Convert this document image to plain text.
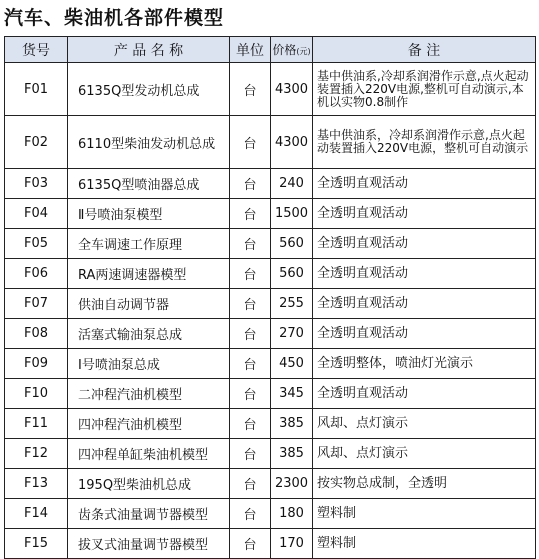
汽车、柴油机各部件模型
货号	产 品 名 称	单位	价格(元)	备 注
F01	6135Q型发动机总成	台	4300	基中供油系,冷却系润滑作示意,点火起动装置插入220V电源,整机可自动演示,本机以实物0.8制作
F02	6110型柴油发动机总成	台	4300	基中供油系，冷却系润滑作示意,点火起动装置插入220V电源，整机可自动演示
F03	6135Q型喷油器总成	台	240	全透明直观活动
F04	Ⅱ号喷油泵模型	台	1500	全透明直观活动
F05	全车调速工作原理	台	560	全透明直观活动
F06	RA两速调速器模型	台	560	全透明直观活动
F07	供油自动调节器	台	255	全透明直观活动
F08	活塞式输油泵总成	台	270	全透明直观活动
F09	Ⅰ号喷油泵总成	台	450	全透明整体，喷油灯光演示
F10	二冲程汽油机模型	台	345	全透明直观活动
F11	四冲程汽油机模型	台	385	风却、点灯演示
F12	四冲程单缸柴油机模型	台	385	风却、点灯演示
F13	195Q型柴油机总成	台	2300	按实物总成制，全透明
F14	齿条式油量调节器模型	台	180	塑料制
F15	拔叉式油量调节器模型	台	170	塑料制
